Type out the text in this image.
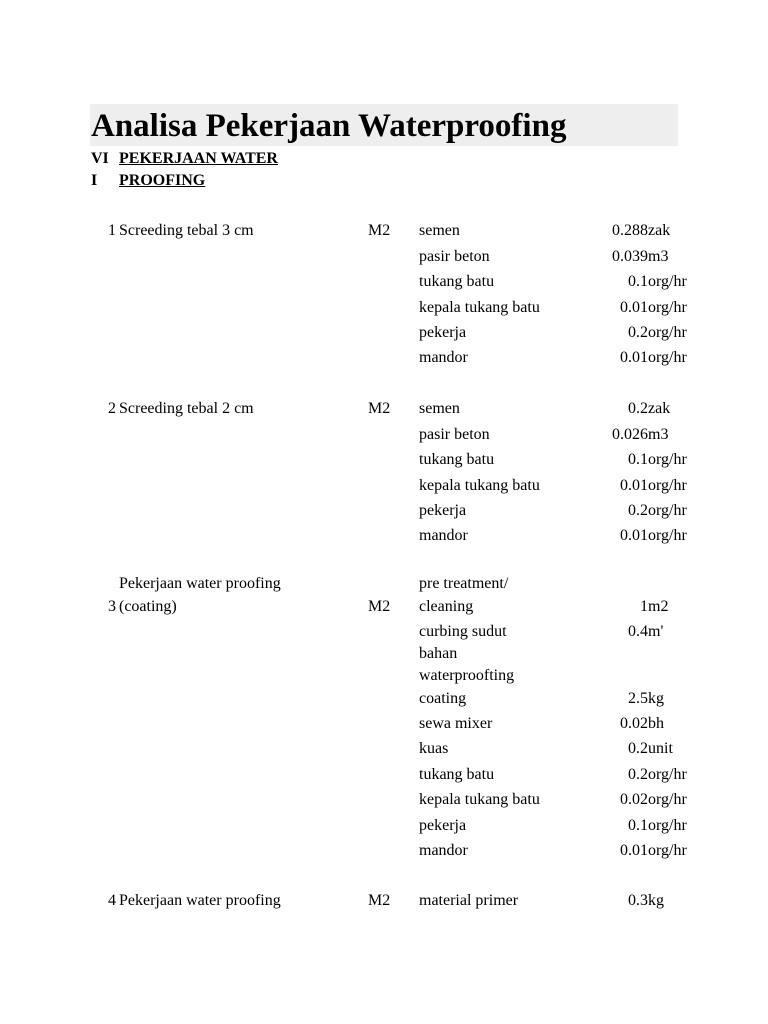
Analisa Pekerjaan Waterproofing
VI
I
PEKERJAAN WATER
PROOFING
1 Screeding tebal 3 cm	M2 semen	0.288 zak
pasir beton	0.039 m3
tukang batu	0.1 org/hr
kepala tukang batu	0.01 org/hr
pekerja	0.2 org/hr
mandor	0.01 org/hr
2 Screeding tebal 2 cm	M2 semen	0.2 zak
pasir beton	0.026 m3
tukang batu	0.1 org/hr
kepala tukang batu	0.01 org/hr
pekerja	0.2 org/hr
mandor	0.01 org/hr
Pekerjaan water proofing
3 (coating)	M2
pre treatment/
cleaning	1 m2
curbing sudut	0.4 m'
bahan
waterproofting
coating	2.5 kg
sewa mixer	0.02 bh
kuas	0.2 unit
tukang batu	0.2 org/hr
kepala tukang batu	0.02 org/hr
pekerja	0.1 org/hr
mandor	0.01 org/hr
4 Pekerjaan water proofing	M2 material primer	0.3 kg
